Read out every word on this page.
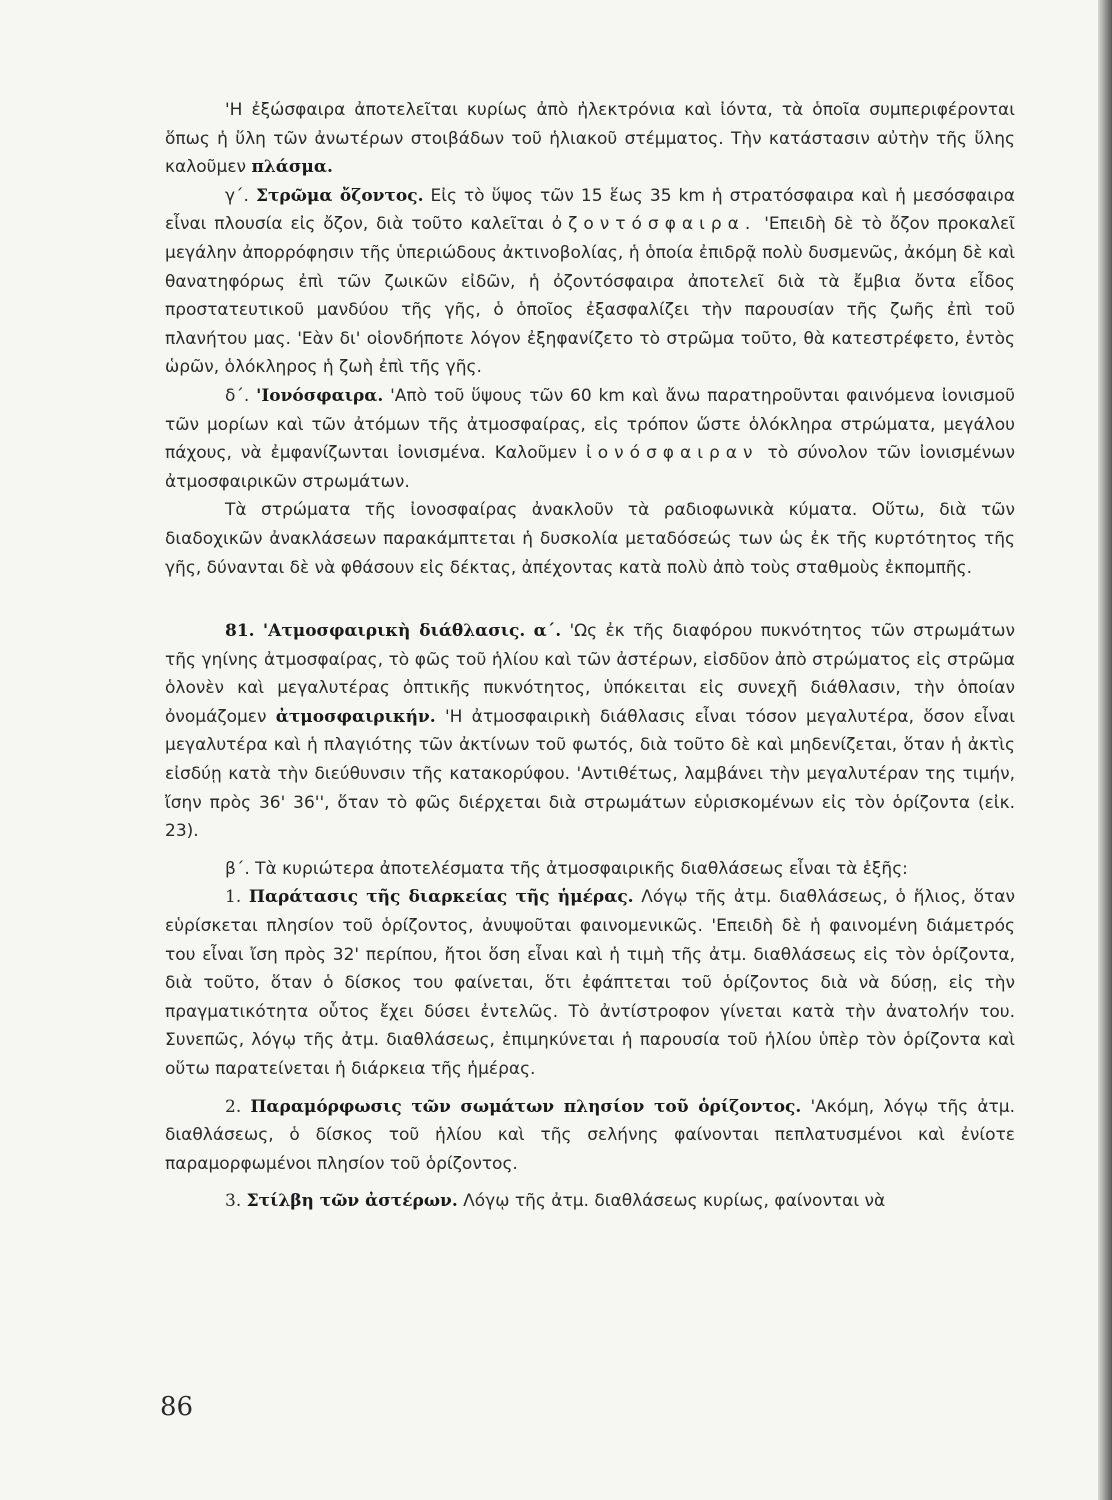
'Η ἐξώσφαιρα ἀποτελεῖται κυρίως ἀπὸ ἠλεκτρόνια καὶ ἰόντα, τὰ ὁποῖα συμπεριφέρονται ὅπως ἡ ὕλη τῶν ἀνωτέρων στοιβάδων τοῦ ἡλιακοῦ στέμματος. Τὴν κατάστασιν αὐτὴν τῆς ὕλης καλοῦμεν πλάσμα.

γ΄. Στρῶμα ὄζοντος. Εἰς τὸ ὕψος τῶν 15 ἕως 35 km ἡ στρατόσφαιρα καὶ ἡ μεσόσφαιρα εἶναι πλουσία εἰς ὄζον, διὰ τοῦτο καλεῖται ὀζοντόσφαιρα. 'Επειδὴ δὲ τὸ ὄζον προκαλεῖ μεγάλην ἀπορρόφησιν τῆς ὑπεριώδους ἀκτινοβολίας, ἡ ὁποία ἐπιδρᾷ πολὺ δυσμενῶς, ἀκόμη δὲ καὶ θανατηφόρως ἐπὶ τῶν ζωικῶν εἰδῶν, ἡ ὀζοντόσφαιρα ἀποτελεῖ διὰ τὰ ἔμβια ὄντα εἶδος προστατευτικοῦ μανδύου τῆς γῆς, ὁ ὁποῖος ἐξασφαλίζει τὴν παρουσίαν τῆς ζωῆς ἐπὶ τοῦ πλανήτου μας. 'Εὰν δι' οἱονδήποτε λόγον ἐξηφανίζετο τὸ στρῶμα τοῦτο, θὰ κατεστρέφετο, ἐντὸς ὡρῶν, ὁλόκληρος ἡ ζωὴ ἐπὶ τῆς γῆς.

δ΄. 'Ιονόσφαιρα. 'Απὸ τοῦ ὕψους τῶν 60 km καὶ ἄνω παρατηροῦνται φαινόμενα ἰονισμοῦ τῶν μορίων καὶ τῶν ἀτόμων τῆς ἀτμοσφαίρας, εἰς τρόπον ὥστε ὁλόκληρα στρώματα, μεγάλου πάχους, νὰ ἐμφανίζωνται ἰονισμένα. Καλοῦμεν ἰονόσφαιραν τὸ σύνολον τῶν ἰονισμένων ἀτμοσφαιρικῶν στρωμάτων.

Τὰ στρώματα τῆς ἰονοσφαίρας ἀνακλοῦν τὰ ραδιοφωνικὰ κύματα. Οὕτω, διὰ τῶν διαδοχικῶν ἀνακλάσεων παρακάμπτεται ἡ δυσκολία μεταδόσεώς των ὡς ἐκ τῆς κυρτότητος τῆς γῆς, δύνανται δὲ νὰ φθάσουν εἰς δέκτας, ἀπέχοντας κατὰ πολὺ ἀπὸ τοὺς σταθμοὺς ἐκπομπῆς.

81. 'Ατμοσφαιρικὴ διάθλασις. α΄. 'Ως ἐκ τῆς διαφόρου πυκνότητος τῶν στρωμάτων τῆς γηίνης ἀτμοσφαίρας, τὸ φῶς τοῦ ἡλίου καὶ τῶν ἀστέρων, εἰσδῦον ἀπὸ στρώματος εἰς στρῶμα ὁλονὲν καὶ μεγαλυτέρας ὀπτικῆς πυκνότητος, ὑπόκειται εἰς συνεχῆ διάθλασιν, τὴν ὁποίαν ὀνομάζομεν ἀτμοσφαιρικήν. 'Η ἀτμοσφαιρικὴ διάθλασις εἶναι τόσον μεγαλυτέρα, ὅσον εἶναι μεγαλυτέρα καὶ ἡ πλαγιότης τῶν ἀκτίνων τοῦ φωτός, διὰ τοῦτο δὲ καὶ μηδενίζεται, ὅταν ἡ ἀκτὶς εἰσδύῃ κατὰ τὴν διεύθυνσιν τῆς κατακορύφου. 'Αντιθέτως, λαμβάνει τὴν μεγαλυτέραν της τιμήν, ἴσην πρὸς 36' 36'', ὅταν τὸ φῶς διέρχεται διὰ στρωμάτων εὑρισκομένων εἰς τὸν ὁρίζοντα (εἰκ. 23).

β΄. Τὰ κυριώτερα ἀποτελέσματα τῆς ἀτμοσφαιρικῆς διαθλάσεως εἶναι τὰ ἑξῆς:

1. Παράτασις τῆς διαρκείας τῆς ἡμέρας. Λόγῳ τῆς ἀτμ. διαθλάσεως, ὁ ἥλιος, ὅταν εὑρίσκεται πλησίον τοῦ ὁρίζοντος, ἀνυψοῦται φαινομενικῶς. 'Επειδὴ δὲ ἡ φαινομένη διάμετρός του εἶναι ἴση πρὸς 32' περίπου, ἤτοι ὅση εἶναι καὶ ἡ τιμὴ τῆς ἀτμ. διαθλάσεως εἰς τὸν ὁρίζοντα, διὰ τοῦτο, ὅταν ὁ δίσκος του φαίνεται, ὅτι ἐφάπτεται τοῦ ὁρίζοντος διὰ νὰ δύσῃ, εἰς τὴν πραγματικότητα οὗτος ἔχει δύσει ἐντελῶς. Τὸ ἀντίστροφον γίνεται κατὰ τὴν ἀνατολήν του. Συνεπῶς, λόγῳ τῆς ἀτμ. διαθλάσεως, ἐπιμηκύνεται ἡ παρουσία τοῦ ἡλίου ὑπὲρ τὸν ὁρίζοντα καὶ οὕτω παρατείνεται ἡ διάρκεια τῆς ἡμέρας.

2. Παραμόρφωσις τῶν σωμάτων πλησίον τοῦ ὁρίζοντος. 'Ακόμη, λόγῳ τῆς ἀτμ. διαθλάσεως, ὁ δίσκος τοῦ ἡλίου καὶ τῆς σελήνης φαίνονται πεπλατυσμένοι καὶ ἐνίοτε παραμορφωμένοι πλησίον τοῦ ὁρίζοντος.

3. Στίλβη τῶν ἀστέρων. Λόγῳ τῆς ἀτμ. διαθλάσεως κυρίως, φαίνονται νὰ

86
